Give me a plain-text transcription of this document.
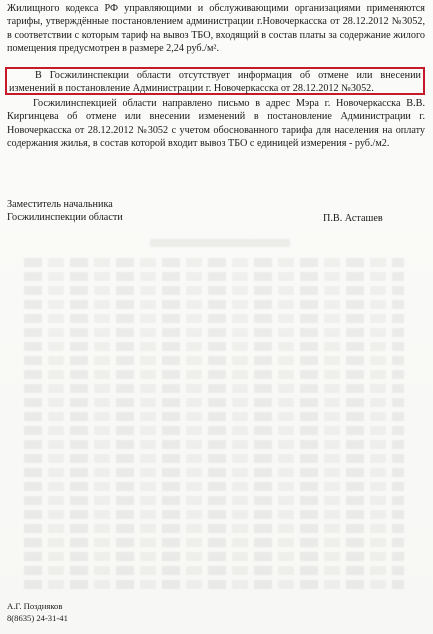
Жилищного кодекса РФ управляющими и обслуживающими организациями применяются тарифы, утверждённые постановлением администрации г.Новочеркасска от 28.12.2012 №3052, в соответствии с которым тариф на вывоз ТБО, входящий в состав платы за содержание жилого помещения предусмотрен в размере 2,24 руб./м².

В Госжилинспекции области отсутствует информация об отмене или внесении изменений в постановление Администрации г. Новочеркасска от 28.12.2012 №3052.

Госжилинспекцией области направлено письмо в адрес Мэра г. Новочеркасска В.В. Киргинцева об отмене или внесении изменений в постановление Администрации г. Новочеркасска от 28.12.2012 №3052 с учетом обоснованного тарифа для населения на оплату содержания жилья, в состав которой входит вывоз ТБО с единицей измерения - руб./м2.

Заместитель начальника
Госжилинспекции области	П.В. Асташев
А.Г. Поздняков
8(8635) 24-31-41
